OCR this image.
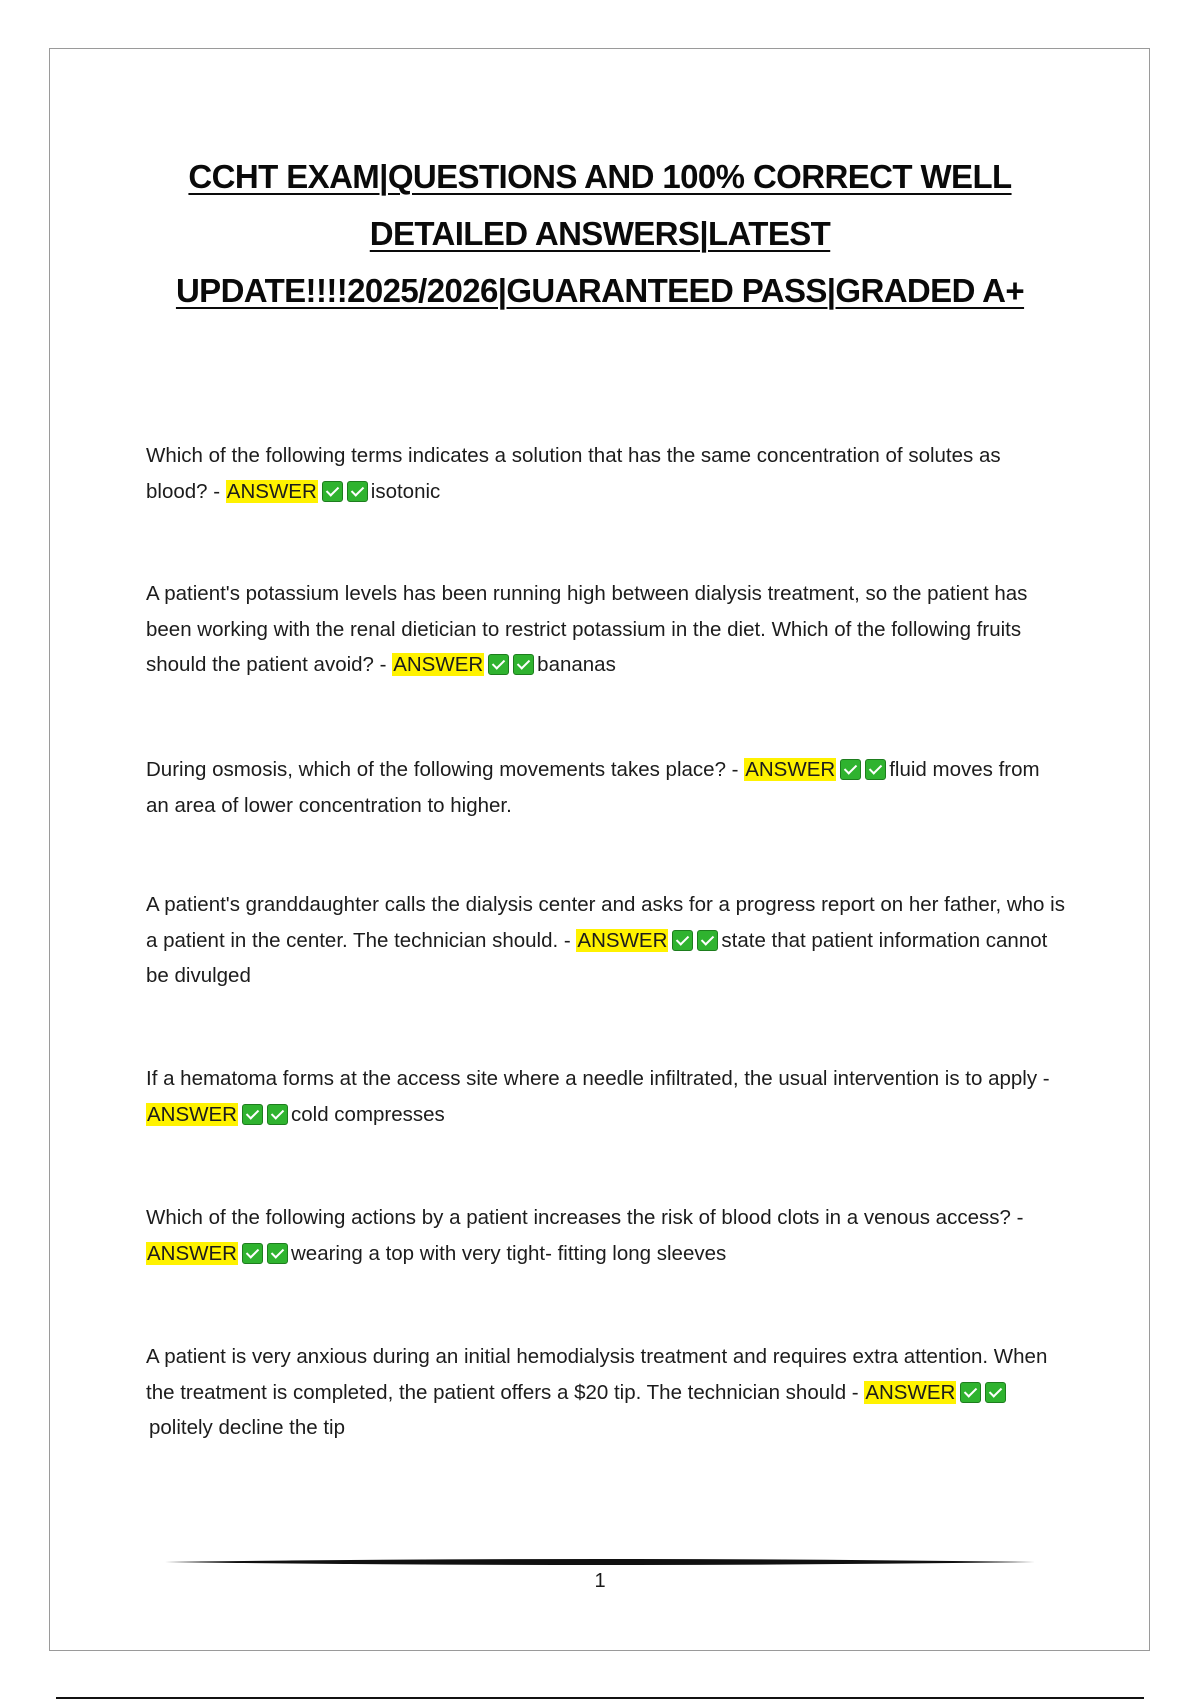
CCHT EXAM|QUESTIONS AND 100% CORRECT WELL DETAILED ANSWERS|LATEST UPDATE!!!!2025/2026|GUARANTEED PASS|GRADED A+

Which of the following terms indicates a solution that has the same concentration of solutes as blood? - ANSWER	isotonic

A patient's potassium levels has been running high between dialysis treatment, so the patient has been working with the renal dietician to restrict potassium in the diet. Which of the following fruits should the patient avoid? - ANSWER	bananas

During osmosis, which of the following movements takes place? - ANSWER	fluid moves from an area of lower concentration to higher.

A patient's granddaughter calls the dialysis center and asks for a progress report on her father, who is a patient in the center. The technician should. - ANSWER	state that patient information cannot be divulged

If a hematoma forms at the access site where a needle infiltrated, the usual intervention is to apply - ANSWER	cold compresses

Which of the following actions by a patient increases the risk of blood clots in a venous access? - ANSWER	wearing a top with very tight- fitting long sleeves

A patient is very anxious during an initial hemodialysis treatment and requires extra attention. When the treatment is completed, the patient offers a $20 tip. The technician should - ANSWERpolitely decline the tip

1
